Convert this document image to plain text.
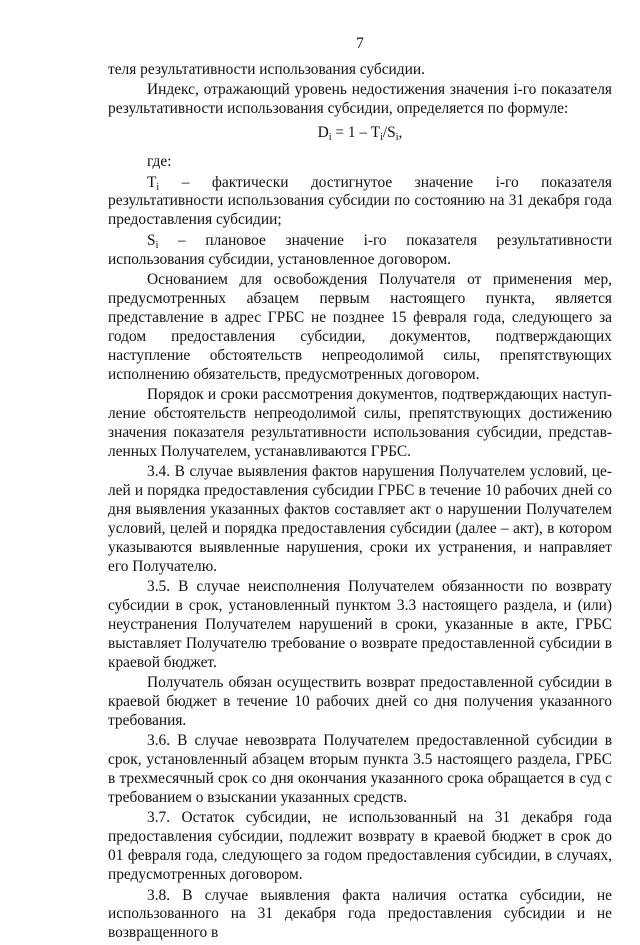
7

теля результативности использования субсидии.

Индекс, отражающий уровень недостижения значения i-го показателя результативности использования субсидии, определяется по формуле:

$D_i = 1 - T_i/S_i$,

где:

$T_i$ – фактически достигнутое значение i-го показателя результативности использования субсидии по состоянию на 31 декабря года предоставления субсидии;

$S_i$ – плановое значение i-го показателя результативности использования субсидии, установленное договором.

Основанием для освобождения Получателя от применения мер, предусмотренных абзацем первым настоящего пункта, является представление в адрес ГРБС не позднее 15 февраля года, следующего за годом предоставления субсидии, документов, подтверждающих наступление обстоятельств непреодолимой силы, препятствующих исполнению обязательств, предусмотренных договором.

Порядок и сроки рассмотрения документов, подтверждающих наступление обстоятельств непреодолимой силы, препятствующих достижению значения показателя результативности использования субсидии, представленных Получателем, устанавливаются ГРБС.

3.4. В случае выявления фактов нарушения Получателем условий, целей и порядка предоставления субсидии ГРБС в течение 10 рабочих дней со дня выявления указанных фактов составляет акт о нарушении Получателем условий, целей и порядка предоставления субсидии (далее – акт), в котором указываются выявленные нарушения, сроки их устранения, и направляет его Получателю.

3.5. В случае неисполнения Получателем обязанности по возврату субсидии в срок, установленный пунктом 3.3 настоящего раздела, и (или) неустранения Получателем нарушений в сроки, указанные в акте, ГРБС выставляет Получателю требование о возврате предоставленной субсидии в краевой бюджет.

Получатель обязан осуществить возврат предоставленной субсидии в краевой бюджет в течение 10 рабочих дней со дня получения указанного требования.

3.6. В случае невозврата Получателем предоставленной субсидии в срок, установленный абзацем вторым пункта 3.5 настоящего раздела, ГРБС в трехмесячный срок со дня окончания указанного срока обращается в суд с требованием о взыскании указанных средств.

3.7. Остаток субсидии, не использованный на 31 декабря года предоставления субсидии, подлежит возврату в краевой бюджет в срок до 01 февраля года, следующего за годом предоставления субсидии, в случаях, предусмотренных договором.

3.8. В случае выявления факта наличия остатка субсидии, не использованного на 31 декабря года предоставления субсидии и не возвращенного в
